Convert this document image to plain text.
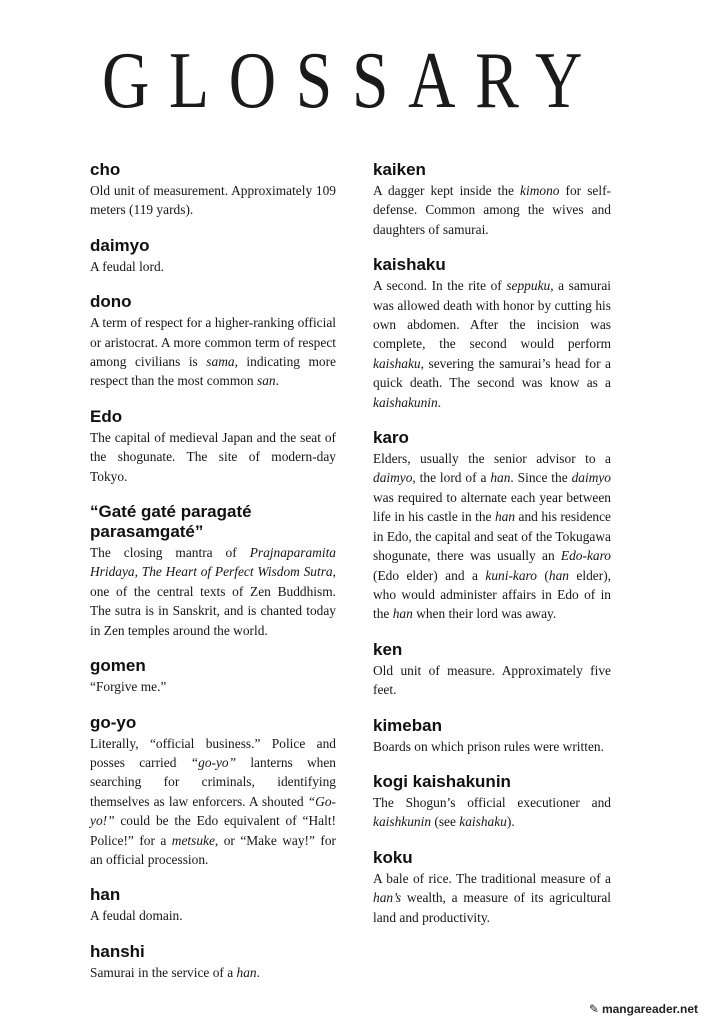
GLOSSARY
cho
Old unit of measurement. Approximately 109 meters (119 yards).
daimyo
A feudal lord.
dono
A term of respect for a higher-ranking official or aristocrat. A more common term of respect among civilians is sama, indicating more respect than the most common san.
Edo
The capital of medieval Japan and the seat of the shogunate. The site of modern-day Tokyo.
“Gaté gaté paragaté parasamgaté”
The closing mantra of Prajnaparamita Hridaya, The Heart of Perfect Wisdom Sutra, one of the central texts of Zen Buddhism. The sutra is in Sanskrit, and is chanted today in Zen temples around the world.
gomen
“Forgive me.”
go-yo
Literally, “official business.” Police and posses carried “go-yo” lanterns when searching for criminals, identifying themselves as law enforcers. A shouted “Go-yo!” could be the Edo equivalent of “Halt! Police!” for a metsuke, or “Make way!” for an official procession.
han
A feudal domain.
hanshi
Samurai in the service of a han.
kaiken
A dagger kept inside the kimono for self-defense. Common among the wives and daughters of samurai.
kaishaku
A second. In the rite of seppuku, a samurai was allowed death with honor by cutting his own abdomen. After the incision was complete, the second would perform kaishaku, severing the samurai’s head for a quick death. The second was know as a kaishakunin.
karo
Elders, usually the senior advisor to a daimyo, the lord of a han. Since the daimyo was required to alternate each year between life in his castle in the han and his residence in Edo, the capital and seat of the Tokugawa shogunate, there was usually an Edo-karo (Edo elder) and a kuni-karo (han elder), who would administer affairs in Edo of in the han when their lord was away.
ken
Old unit of measure. Approximately five feet.
kimeban
Boards on which prison rules were written.
kogi kaishakunin
The Shogun’s official executioner and kaishkunin (see kaishaku).
koku
A bale of rice. The traditional measure of a han’s wealth, a measure of its agricultural land and productivity.
✎ mangareader.net
